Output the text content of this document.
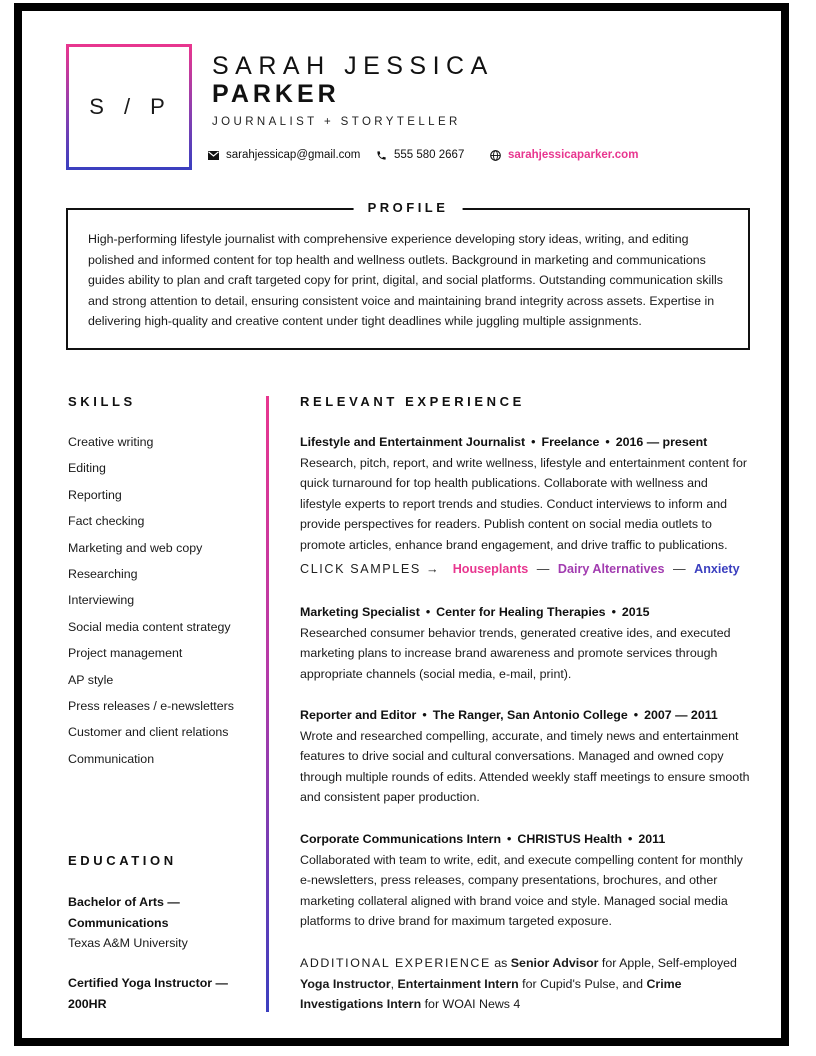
S / P
SARAH JESSICA
PARKER
JOURNALIST + STORYTELLER
sarahjessicap@gmail.com	555 580 2667	sarahjessicaparker.com
PROFILE
High-performing lifestyle journalist with comprehensive experience developing story ideas, writing, and editing polished and informed content for top health and wellness outlets. Background in marketing and communications guides ability to plan and craft targeted copy for print, digital, and social platforms. Outstanding communication skills and strong attention to detail, ensuring consistent voice and maintaining brand integrity across assets. Expertise in delivering high-quality and creative content under tight deadlines while juggling multiple assignments.
SKILLS
Creative writing
Editing
Reporting
Fact checking
Marketing and web copy
Researching
Interviewing
Social media content strategy
Project management
AP style
Press releases / e-newsletters
Customer and client relations
Communication
EDUCATION
Bachelor of Arts —
Communications
Texas A&M University
Certified Yoga Instructor —
200HR
RELEVANT EXPERIENCE
Lifestyle and Entertainment Journalist • Freelance • 2016 — present
Research, pitch, report, and write wellness, lifestyle and entertainment content for quick turnaround for top health publications. Collaborate with wellness and lifestyle experts to report trends and studies. Conduct interviews to inform and provide perspectives for readers. Publish content on social media outlets to promote articles, enhance brand engagement, and drive traffic to publications.
CLICK SAMPLES → Houseplants — Dairy Alternatives — Anxiety
Marketing Specialist • Center for Healing Therapies • 2015
Researched consumer behavior trends, generated creative ides, and executed marketing plans to increase brand awareness and promote services through appropriate channels (social media, e-mail, print).
Reporter and Editor • The Ranger, San Antonio College • 2007 — 2011
Wrote and researched compelling, accurate, and timely news and entertainment features to drive social and cultural conversations. Managed and owned copy through multiple rounds of edits. Attended weekly staff meetings to ensure smooth and consistent paper production.
Corporate Communications Intern • CHRISTUS Health • 2011
Collaborated with team to write, edit, and execute compelling content for monthly e-newsletters, press releases, company presentations, brochures, and other marketing collateral aligned with brand voice and style. Managed social media platforms to drive brand for maximum targeted exposure.
ADDITIONAL EXPERIENCE as Senior Advisor for Apple, Self-employed Yoga Instructor, Entertainment Intern for Cupid's Pulse, and Crime Investigations Intern for WOAI News 4
